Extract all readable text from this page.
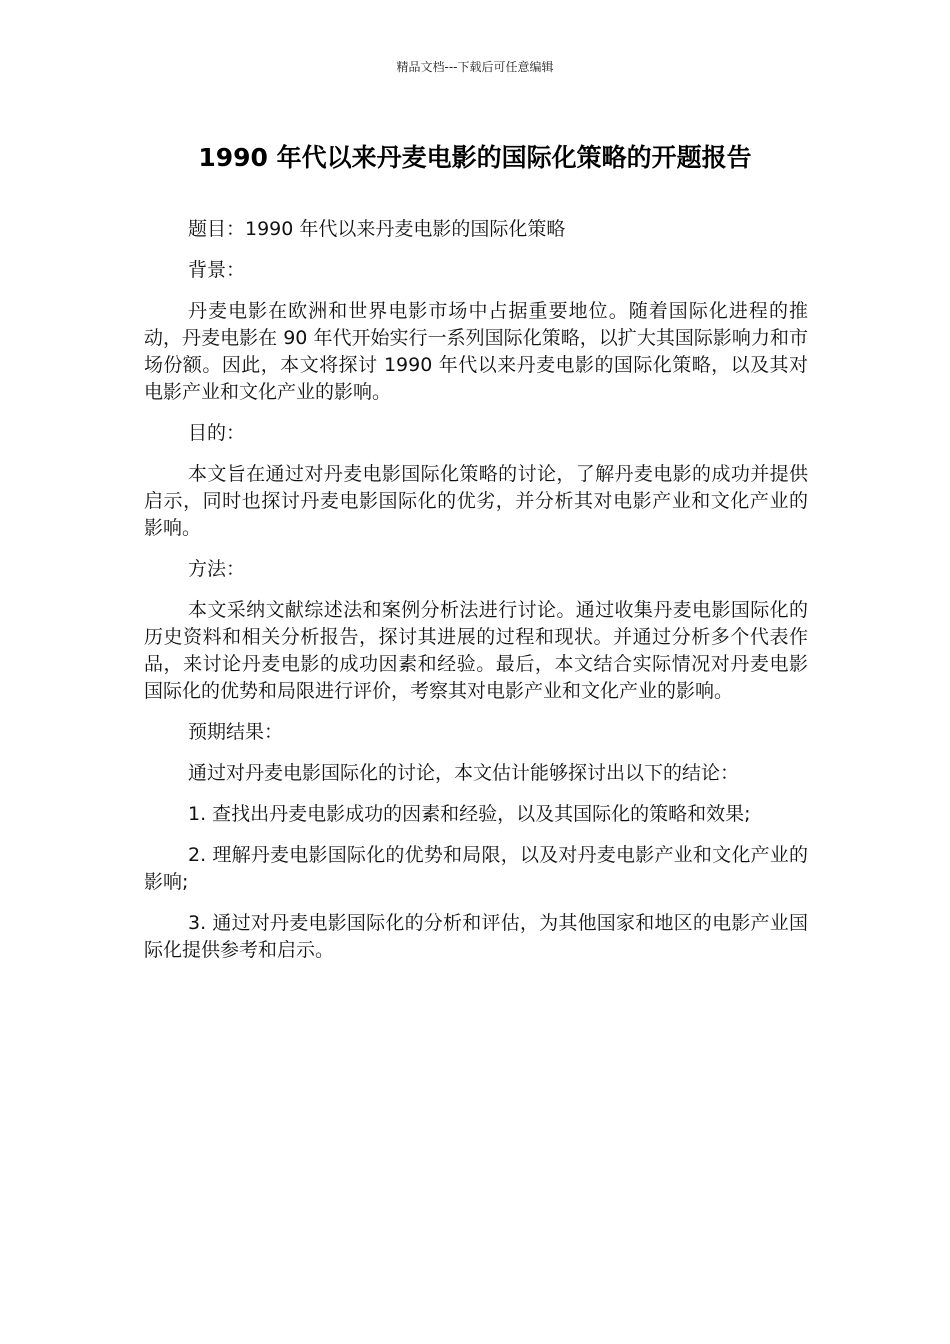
精品文档---下载后可任意编辑
1990 年代以来丹麦电影的国际化策略的开题报告

题目：1990 年代以来丹麦电影的国际化策略

背景：

丹麦电影在欧洲和世界电影市场中占据重要地位。随着国际化进程的推动，丹麦电影在 90 年代开始实行一系列国际化策略，以扩大其国际影响力和市场份额。因此，本文将探讨 1990 年代以来丹麦电影的国际化策略，以及其对电影产业和文化产业的影响。

目的：

本文旨在通过对丹麦电影国际化策略的讨论，了解丹麦电影的成功并提供启示，同时也探讨丹麦电影国际化的优劣，并分析其对电影产业和文化产业的影响。

方法：

本文采纳文献综述法和案例分析法进行讨论。通过收集丹麦电影国际化的历史资料和相关分析报告，探讨其进展的过程和现状。并通过分析多个代表作品，来讨论丹麦电影的成功因素和经验。最后，本文结合实际情况对丹麦电影国际化的优势和局限进行评价，考察其对电影产业和文化产业的影响。

预期结果：

通过对丹麦电影国际化的讨论，本文估计能够探讨出以下的结论：

1. 查找出丹麦电影成功的因素和经验，以及其国际化的策略和效果;

2. 理解丹麦电影国际化的优势和局限，以及对丹麦电影产业和文化产业的影响;

3. 通过对丹麦电影国际化的分析和评估，为其他国家和地区的电影产业国际化提供参考和启示。
